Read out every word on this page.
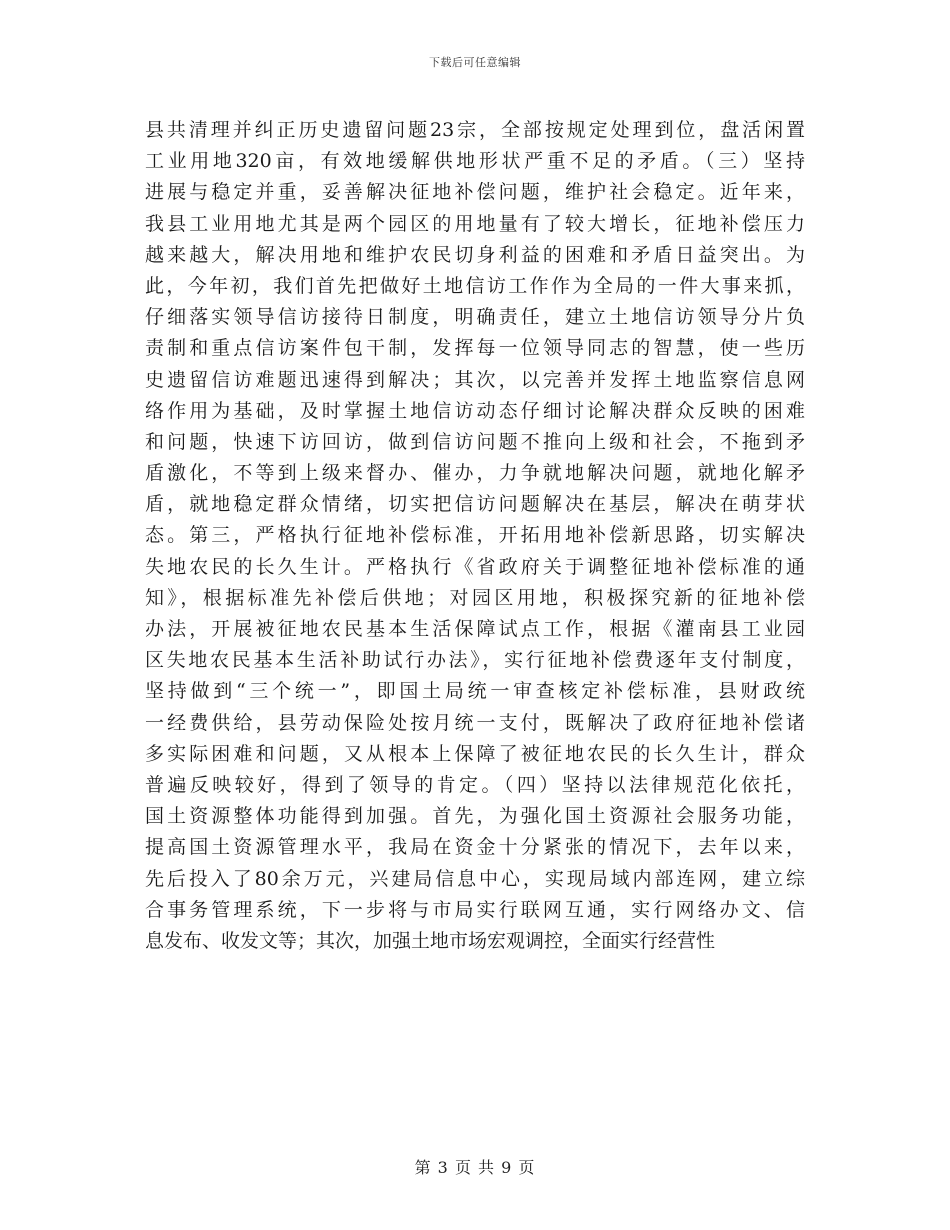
下载后可任意编辑
县共清理并纠正历史遗留问题23宗，全部按规定处理到位，盘活闲置
工业用地320亩，有效地缓解供地形状严重不足的矛盾。（三）坚持
进展与稳定并重，妥善解决征地补偿问题，维护社会稳定。近年来，
我县工业用地尤其是两个园区的用地量有了较大增长，征地补偿压力
越来越大，解决用地和维护农民切身利益的困难和矛盾日益突出。为
此，今年初，我们首先把做好土地信访工作作为全局的一件大事来抓，
仔细落实领导信访接待日制度，明确责任，建立土地信访领导分片负
责制和重点信访案件包干制，发挥每一位领导同志的智慧，使一些历
史遗留信访难题迅速得到解决；其次，以完善并发挥土地监察信息网
络作用为基础，及时掌握土地信访动态仔细讨论解决群众反映的困难
和问题，快速下访回访，做到信访问题不推向上级和社会，不拖到矛
盾激化，不等到上级来督办、催办，力争就地解决问题，就地化解矛
盾，就地稳定群众情绪，切实把信访问题解决在基层，解决在萌芽状
态。第三，严格执行征地补偿标准，开拓用地补偿新思路，切实解决
失地农民的长久生计。严格执行《省政府关于调整征地补偿标准的通
知》，根据标准先补偿后供地；对园区用地，积极探究新的征地补偿
办法，开展被征地农民基本生活保障试点工作，根据《灌南县工业园
区失地农民基本生活补助试行办法》，实行征地补偿费逐年支付制度，
坚持做到“三个统一”，即国土局统一审查核定补偿标准，县财政统
一经费供给，县劳动保险处按月统一支付，既解决了政府征地补偿诸
多实际困难和问题，又从根本上保障了被征地农民的长久生计，群众
普遍反映较好，得到了领导的肯定。（四）坚持以法律规范化依托，
国土资源整体功能得到加强。首先，为强化国土资源社会服务功能，
提高国土资源管理水平，我局在资金十分紧张的情况下，去年以来，
先后投入了80余万元，兴建局信息中心，实现局域内部连网，建立综
合事务管理系统，下一步将与市局实行联网互通，实行网络办文、信
息发布、收发文等；其次，加强土地市场宏观调控，全面实行经营性
第 3 页 共 9 页
